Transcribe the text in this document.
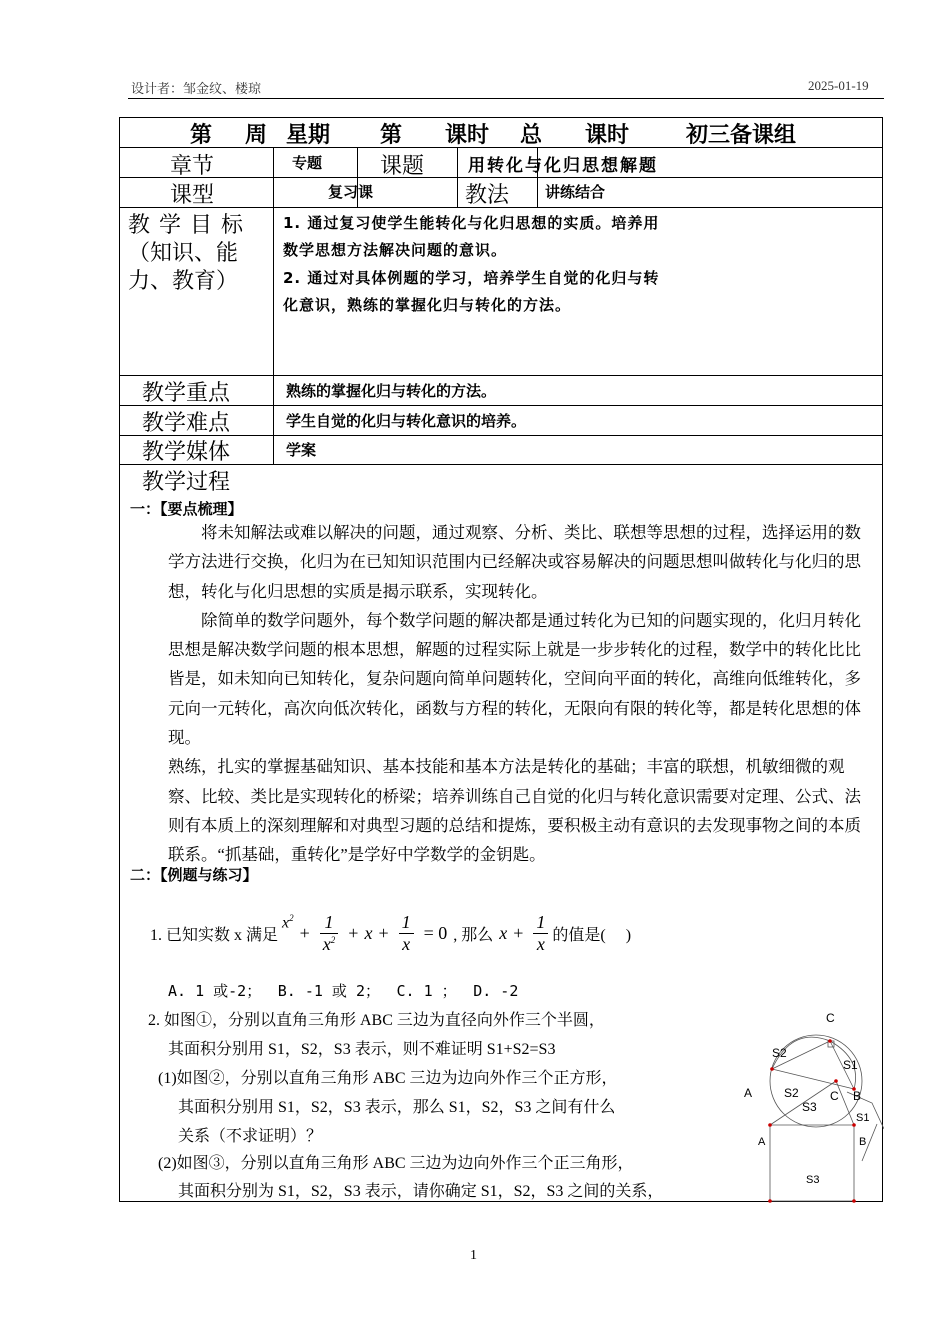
设计者：邹金纹、楼琼	2025-01-19
第 周 星期 第 课时 总 课时	初三备课组
章节	专题	课题	用转化与化归思想解题
课型	复习课	教法 讲练结合
教 学 目 标
（知识、能
力、教育）
1. 通过复习使学生能转化与化归思想的实质。培养用
数学思想方法解决问题的意识。
2. 通过对具体例题的学习，培养学生自觉的化归与转
化意识，熟练的掌握化归与转化的方法。
教学重点	熟练的掌握化归与转化的方法。
教学难点	学生自觉的化归与转化意识的培养。
教学媒体	学案
教学过程
一：【要点梳理】

将未知解法或难以解决的问题，通过观察、分析、类比、联想等思想的过程，选择运用的数学方法进行交换，化归为在已知知识范围内已经解决或容易解决的问题思想叫做转化与化归的思想，转化与化归思想的实质是揭示联系，实现转化。

除简单的数学问题外，每个数学问题的解决都是通过转化为已知的问题实现的，化归月转化思想是解决数学问题的根本思想，解题的过程实际上就是一步步转化的过程，数学中的转化比比皆是，如未知向已知转化，复杂问题向简单问题转化，空间向平面的转化，高维向低维转化，多元向一元转化，高次向低次转化，函数与方程的转化，无限向有限的转化等，都是转化思想的体现。

熟练，扎实的掌握基础知识、基本技能和基本方法是转化的基础；丰富的联想，机敏细微的观察、比较、类比是实现转化的桥梁；培养训练自己自觉的化归与转化意识需要对定理、公式、法则有本质上的深刻理解和对典型习题的总结和提炼，要积极主动有意识的去发现事物之间的本质联系。“抓基础，重转化”是学好中学数学的金钥匙。

二：【例题与练习】
1. 已知实数 x 满足
$x^2$
+ $\frac{1}{x^2} + x + \frac{1}{x} = 0$ , 那么 $x + \frac{1}{x}$ 的值是(　 )
A. 1 或-2；　 B. -1 或 2；　 C. 1 ；　 D. -2
2. 如图①，分别以直角三角形 ABC 三边为直径向外作三个半圆，
其面积分别用 S1，S2，S3 表示，则不难证明 S1+S2=S3
(1)如图②，分别以直角三角形 ABC 三边为边向外作三个正方形，
其面积分别用 S1，S2，S3 表示，那么 S1，S2，S3 之间有什么
关系（不求证明）？
(2)如图③，分别以直角三角形 ABC 三边为边向外作三个正三角形，
其面积分别为 S1，S2，S3 表示，请你确定 S1，S2，S3 之间的关系，
C
S2
S1
A	S2	C B
S3
S1
A	B
S3
1
